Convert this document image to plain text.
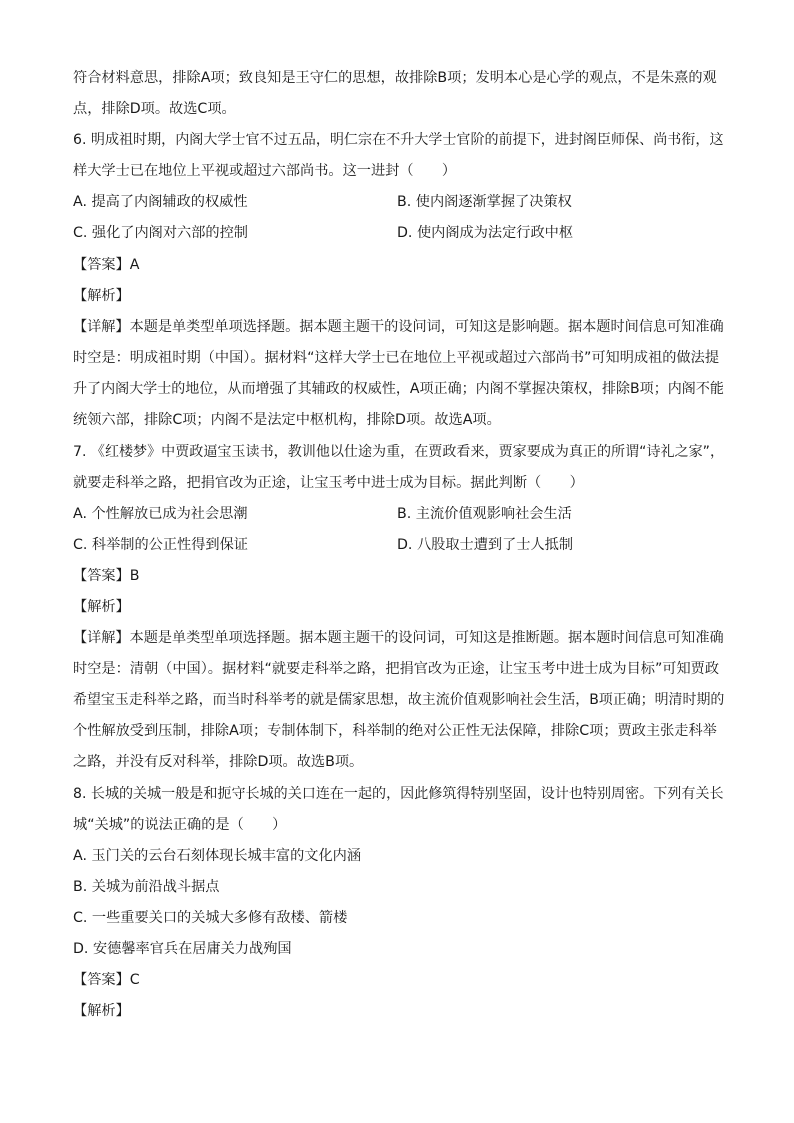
符合材料意思，排除A项；致良知是王守仁的思想，故排除B项；发明本心是心学的观点，不是朱熹的观
点，排除D项。故选C项。
6. 明成祖时期，内阁大学士官不过五品，明仁宗在不升大学士官阶的前提下，进封阁臣师保、尚书衔，这
样大学士已在地位上平视或超过六部尚书。这一进封（　　）
A. 提高了内阁辅政的权威性	B. 使内阁逐渐掌握了决策权
C. 强化了内阁对六部的控制	D. 使内阁成为法定行政中枢
【答案】A
【解析】
【详解】本题是单类型单项选择题。据本题主题干的设问词，可知这是影响题。据本题时间信息可知准确
时空是：明成祖时期（中国）。据材料“这样大学士已在地位上平视或超过六部尚书”可知明成祖的做法提
升了内阁大学士的地位，从而增强了其辅政的权威性，A项正确；内阁不掌握决策权，排除B项；内阁不能
统领六部，排除C项；内阁不是法定中枢机构，排除D项。故选A项。
7. 《红楼梦》中贾政逼宝玉读书，教训他以仕途为重，在贾政看来，贾家要成为真正的所谓“诗礼之家”，
就要走科举之路，把捐官改为正途，让宝玉考中进士成为目标。据此判断（　　）
A. 个性解放已成为社会思潮	B. 主流价值观影响社会生活
C. 科举制的公正性得到保证	D. 八股取士遭到了士人抵制
【答案】B
【解析】
【详解】本题是单类型单项选择题。据本题主题干的设问词，可知这是推断题。据本题时间信息可知准确
时空是：清朝（中国）。据材料“就要走科举之路，把捐官改为正途，让宝玉考中进士成为目标”可知贾政
希望宝玉走科举之路，而当时科举考的就是儒家思想，故主流价值观影响社会生活，B项正确；明清时期的
个性解放受到压制，排除A项；专制体制下，科举制的绝对公正性无法保障，排除C项；贾政主张走科举
之路，并没有反对科举，排除D项。故选B项。
8. 长城的关城一般是和扼守长城的关口连在一起的，因此修筑得特别坚固，设计也特别周密。下列有关长
城“关城”的说法正确的是（　　）
A. 玉门关的云台石刻体现长城丰富的文化内涵
B. 关城为前沿战斗据点
C. 一些重要关口的关城大多修有敌楼、箭楼
D. 安德馨率官兵在居庸关力战殉国
【答案】C
【解析】
